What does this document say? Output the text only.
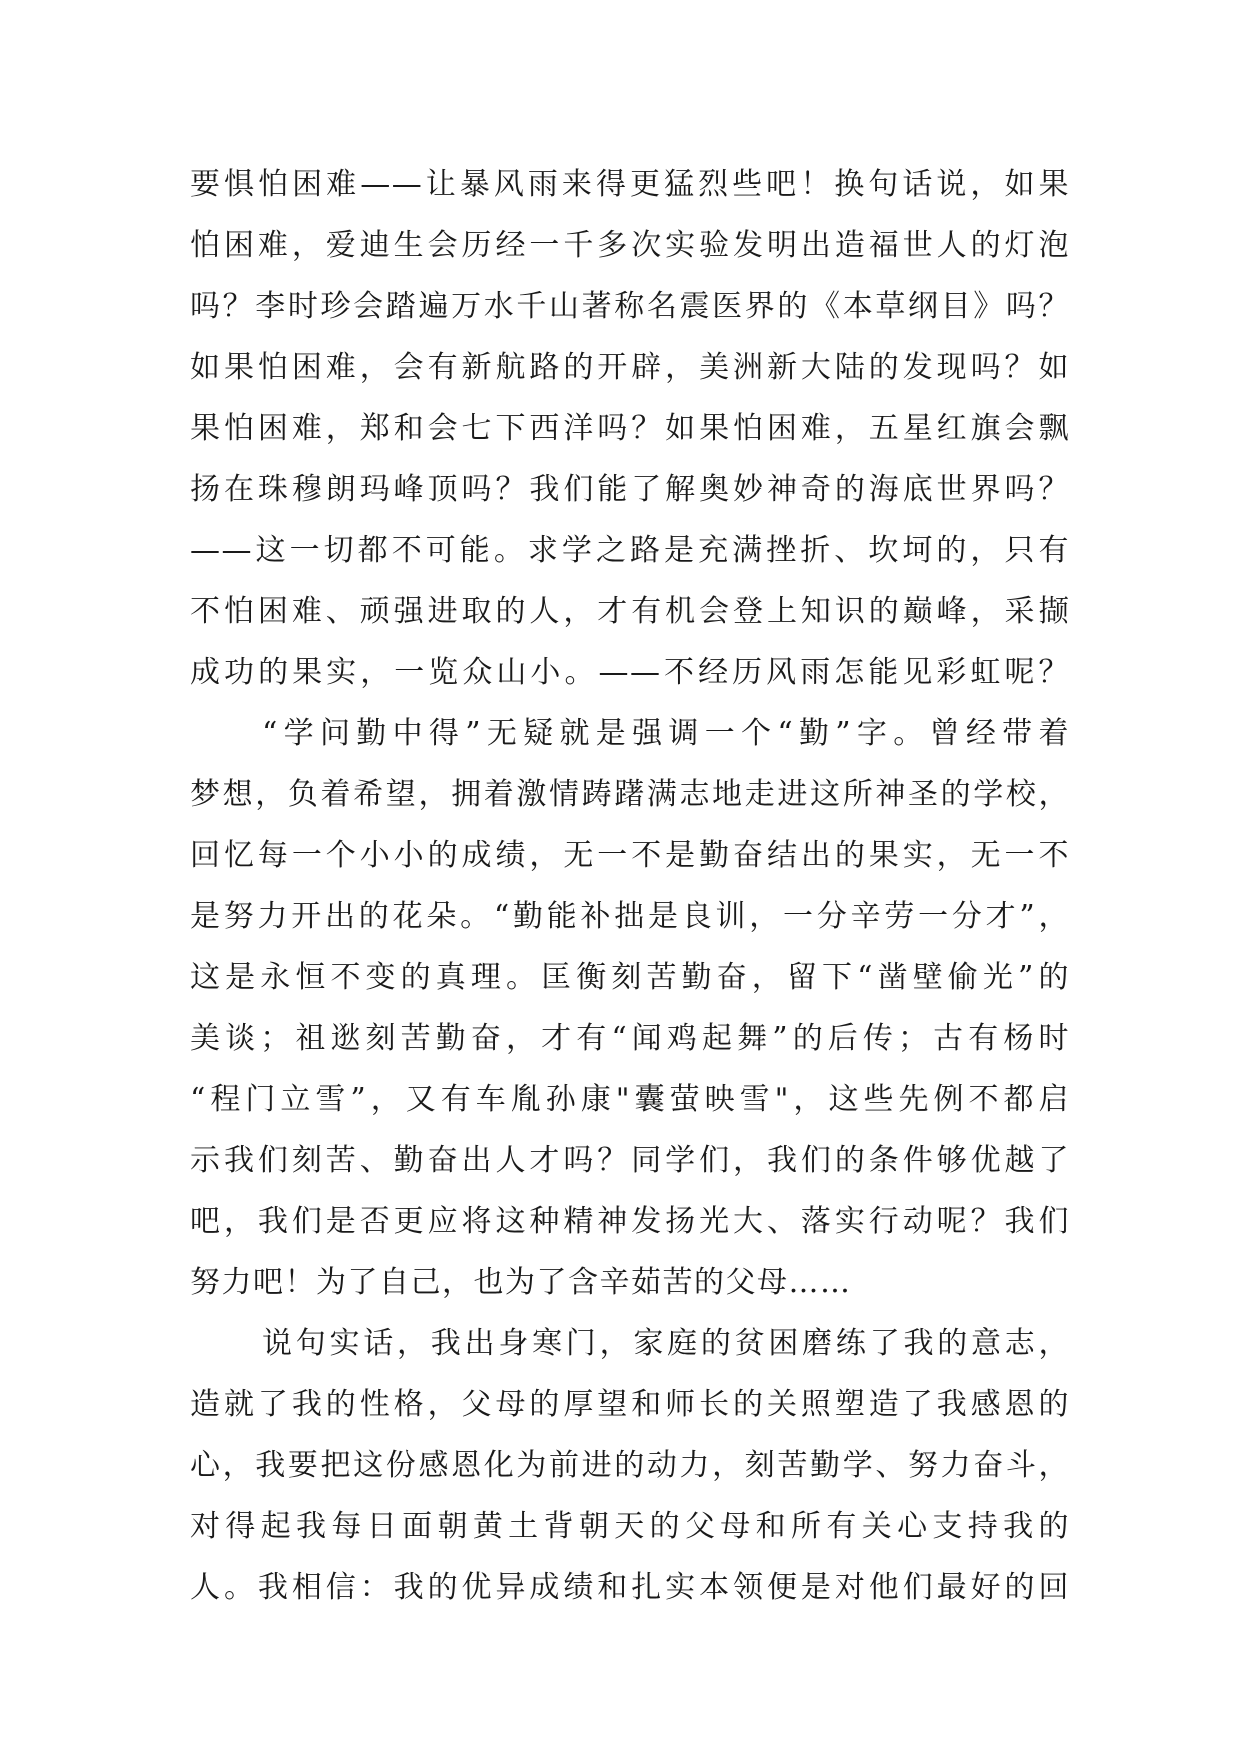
要惧怕困难——让暴风雨来得更猛烈些吧！换句话说，如果
怕困难，爱迪生会历经一千多次实验发明出造福世人的灯泡
吗？李时珍会踏遍万水千山著称名震医界的《本草纲目》吗？
如果怕困难，会有新航路的开辟，美洲新大陆的发现吗？如
果怕困难，郑和会七下西洋吗？如果怕困难，五星红旗会飘
扬在珠穆朗玛峰顶吗？我们能了解奥妙神奇的海底世界吗？
——这一切都不可能。求学之路是充满挫折、坎坷的，只有
不怕困难、顽强进取的人，才有机会登上知识的巅峰，采撷
成功的果实，一览众山小。——不经历风雨怎能见彩虹呢？
“学问勤中得”无疑就是强调一个“勤”字。曾经带着
梦想，负着希望，拥着激情踌躇满志地走进这所神圣的学校，
回忆每一个小小的成绩，无一不是勤奋结出的果实，无一不
是努力开出的花朵。“勤能补拙是良训，一分辛劳一分才”，
这是永恒不变的真理。匡衡刻苦勤奋，留下“凿壁偷光”的
美谈；祖逖刻苦勤奋，才有“闻鸡起舞”的后传；古有杨时
“程门立雪”，又有车胤孙康"囊萤映雪"，这些先例不都启
示我们刻苦、勤奋出人才吗？同学们，我们的条件够优越了
吧，我们是否更应将这种精神发扬光大、落实行动呢？我们
努力吧！为了自己，也为了含辛茹苦的父母……
说句实话，我出身寒门，家庭的贫困磨练了我的意志，
造就了我的性格，父母的厚望和师长的关照塑造了我感恩的
心，我要把这份感恩化为前进的动力，刻苦勤学、努力奋斗，
对得起我每日面朝黄土背朝天的父母和所有关心支持我的
人。我相信：我的优异成绩和扎实本领便是对他们最好的回
